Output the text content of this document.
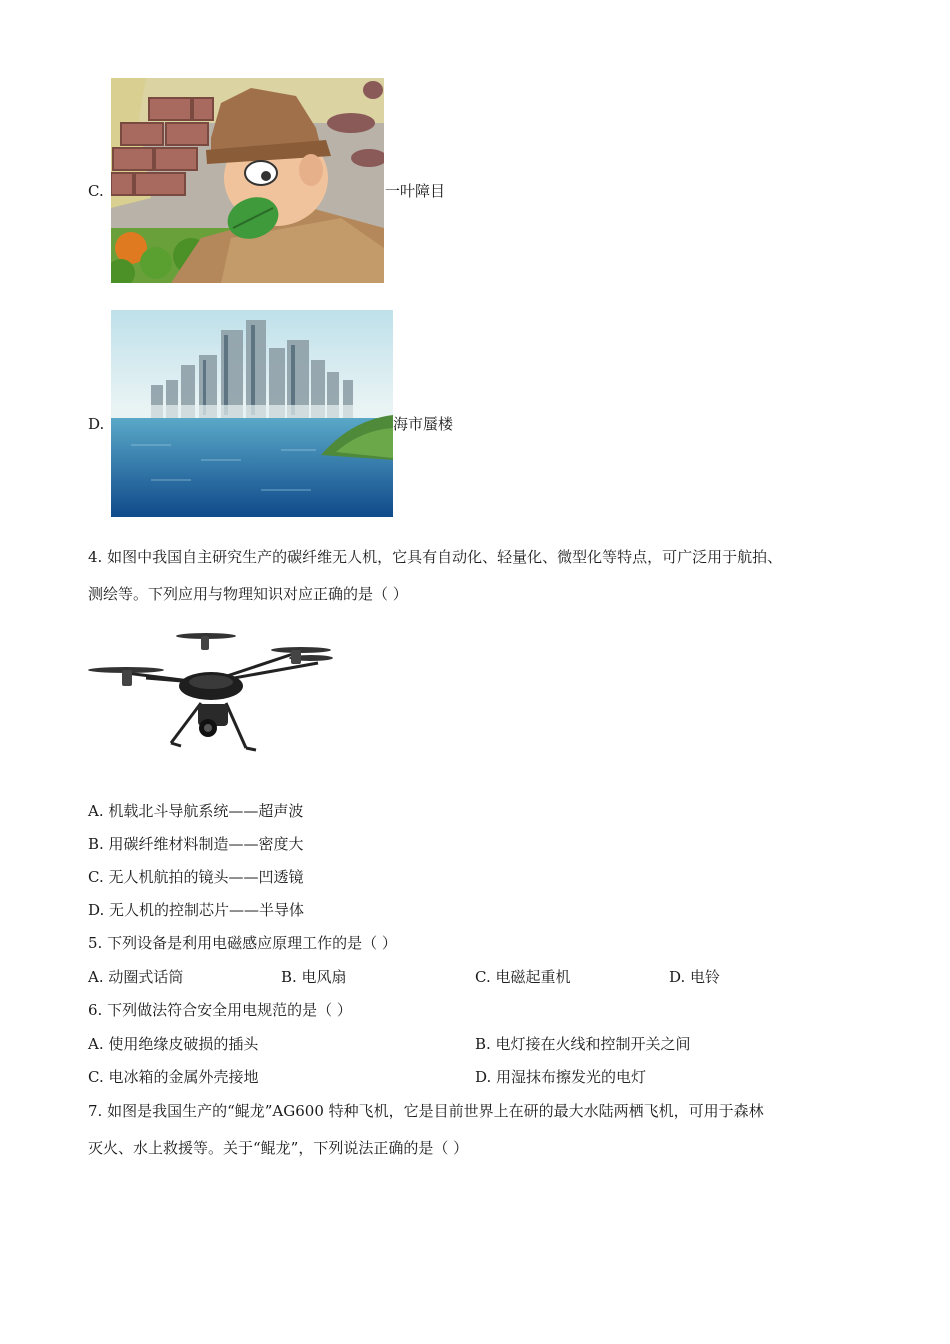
C.	一叶障目
D.	海市蜃楼
4. 如图中我国自主研究生产的碳纤维无人机，它具有自动化、轻量化、微型化等特点，可广泛用于航拍、
测绘等。下列应用与物理知识对应正确的是（ ）
A. 机载北斗导航系统——超声波
B. 用碳纤维材料制造——密度大
C. 无人机航拍的镜头——凹透镜
D. 无人机的控制芯片——半导体
5. 下列设备是利用电磁感应原理工作的是（ ）
A. 动圈式话筒	B. 电风扇	C. 电磁起重机	D. 电铃
6. 下列做法符合安全用电规范的是（ ）
A. 使用绝缘皮破损的插头	B. 电灯接在火线和控制开关之间
C. 电冰箱的金属外壳接地	D. 用湿抹布擦发光的电灯
7. 如图是我国生产的“鲲龙”AG600 特种飞机，它是目前世界上在研的最大水陆两栖飞机，可用于森林
灭火、水上救援等。关于“鲲龙”，下列说法正确的是（ ）
